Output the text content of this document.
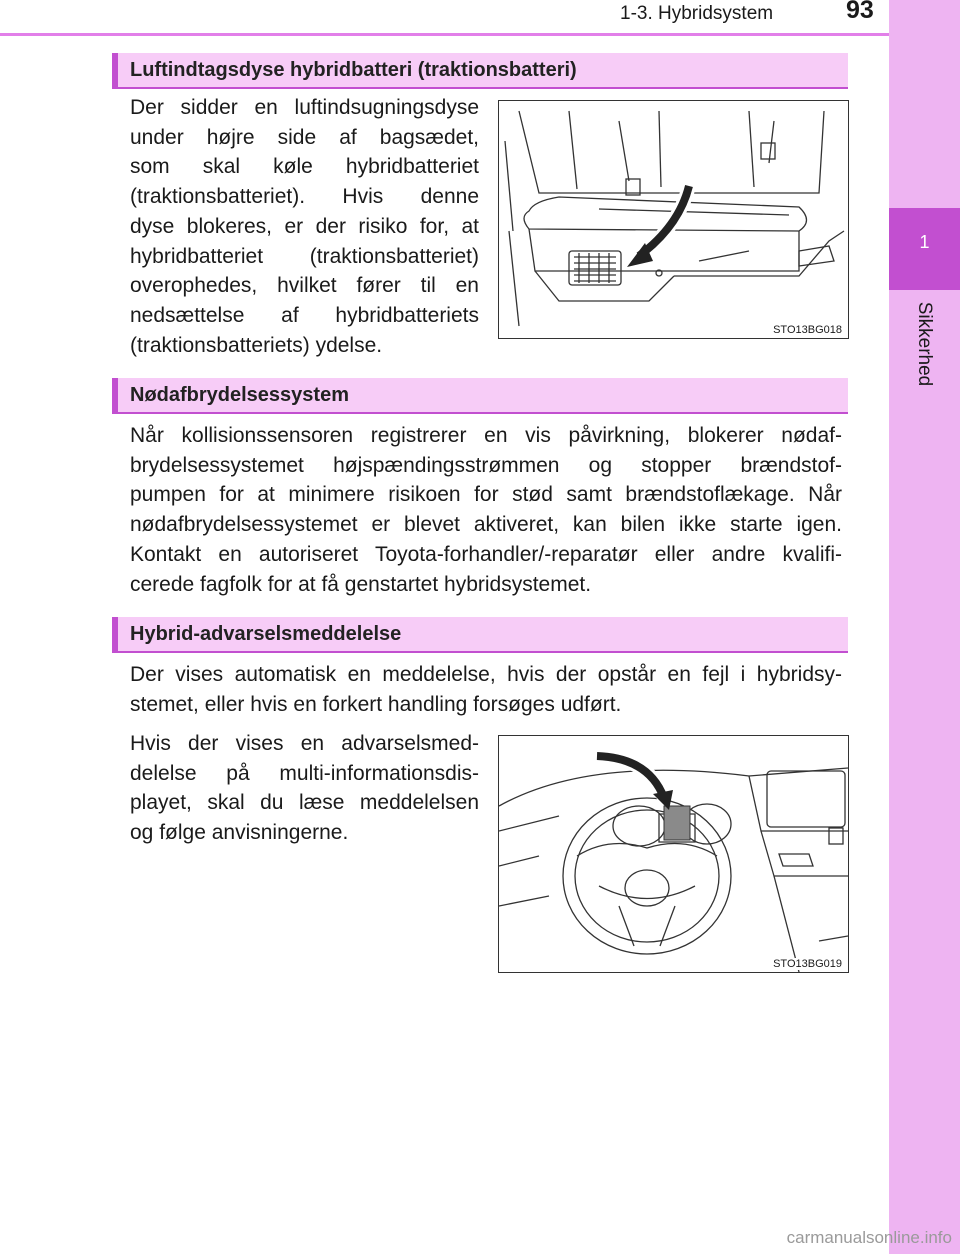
1-3. Hybridsystem	93
1
Sikkerhed
Luftindtagsdyse hybridbatteri (traktionsbatteri)
Der sidder en luftindsugningsdyse
under højre side af bagsædet,
som skal køle hybridbatteriet
(traktionsbatteriet). Hvis denne
dyse blokeres, er der risiko for, at
hybridbatteriet (traktionsbatteriet)
overophedes, hvilket fører til en
nedsættelse af hybridbatteriets
(traktionsbatteriets) ydelse.
STO13BG018
Nødafbrydelsessystem
Når kollisionssensoren registrerer en vis påvirkning, blokerer nødaf-
brydelsessystemet højspændingsstrømmen og stopper brændstof-
pumpen for at minimere risikoen for stød samt brændstoflækage. Når
nødafbrydelsessystemet er blevet aktiveret, kan bilen ikke starte igen.
Kontakt en autoriseret Toyota-forhandler/-reparatør eller andre kvalifi-
cerede fagfolk for at få genstartet hybridsystemet.
Hybrid-advarselsmeddelelse
Der vises automatisk en meddelelse, hvis der opstår en fejl i hybridsy-
stemet, eller hvis en forkert handling forsøges udført.
Hvis der vises en advarselsmed-
delelse på multi-informationsdis-
playet, skal du læse meddelelsen
og følge anvisningerne.
STO13BG019
carmanualsonline.info
